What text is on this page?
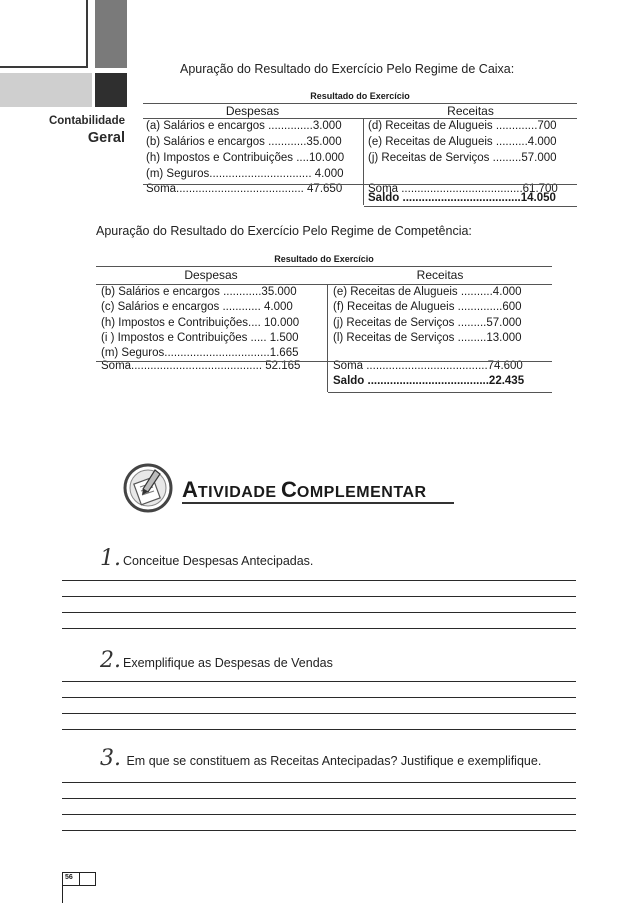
Contabilidade
Geral
Apuração do Resultado do Exercício Pelo Regime de Caixa:
Resultado do Exercício
Despesas	Receitas
(a) Salários e encargos ..............3.000
(b) Salários e encargos ............35.000
(h) Impostos e Contribuições ....10.000
(m) Seguros................................ 4.000
Soma........................................ 47.650
(d) Receitas de Alugueis .............700
(e) Receitas de Alugueis ..........4.000
(j) Receitas de Serviços .........57.000
Soma ......................................61.700
Saldo .....................................14.050
Apuração do Resultado do Exercício Pelo Regime de Competência:
Resultado do Exercício
Despesas	Receitas
(b) Salários e encargos ............35.000
(c) Salários e encargos ............ 4.000
(h) Impostos e Contribuições.... 10.000
(i ) Impostos e Contribuições ..... 1.500
(m) Seguros.................................1.665
Soma......................................... 52.165
(e) Receitas de Alugueis ..........4.000
(f) Receitas de Alugueis ..............600
(j) Receitas de Serviços .........57.000
(l) Receitas de Serviços .........13.000
Soma ......................................74.600
Saldo ......................................22.435
ATIVIDADE COMPLEMENTAR
1. Conceitue Despesas Antecipadas.
2. Exemplifique as Despesas de Vendas
3. Em que se constituem as Receitas Antecipadas? Justifique e exemplifique.
56
